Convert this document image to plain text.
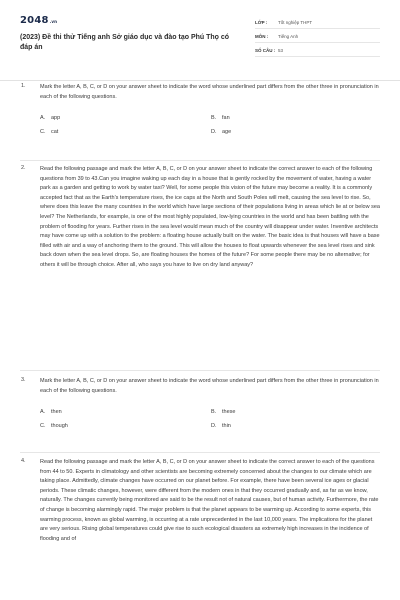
2048.vn
(2023) Đề thi thử Tiếng anh Sở giáo dục và đào tạo Phú Thọ có đáp án
LỚP :	Tốt nghiệp THPT
MÔN :	Tiếng Anh
SỐ CÂU : 53
1.	Mark the letter A, B, C, or D on your answer sheet to indicate the word whose underlined part differs from the other three in pronunciation in each of the following questions.

A.	app	B.	fan
C.	cat	D.	age
2.	Read the following passage and mark the letter A, B, C, or D on your answer sheet to indicate the correct answer to each of the following questions from 39 to 43.Can you imagine waking up each day in a house that is gently rocked by the movement of water, having a water park as a garden and getting to work by water taxi? Well, for some people this vision of the future may become a reality. It is a commonly accepted fact that as the Earth's temperature rises, the ice caps at the North and South Poles will melt, causing the sea level to rise. So, where does this leave the many countries in the world which have large sections of their populations living in areas which lie at or below sea level? The Netherlands, for example, is one of the most highly populated, low-lying countries in the world and has been battling with the problem of flooding for years. Further rises in the sea level would mean much of the country will disappear under water. Inventive architects may have come up with a solution to the problem: a floating house actually built on the water. The basic idea is that houses will have a base filled with air and a way of anchoring them to the ground. This will allow the houses to float upwards whenever the sea level rises and sink back down when the sea level drops. So, are floating houses the homes of the future? For some people there may be no alternative; for others it will be through choice. After all, who says you have to live on dry land anyway?

3.	Mark the letter A, B, C, or D on your answer sheet to indicate the word whose underlined part differs from the other three in pronunciation in each of the following questions.

A.	then	B.	these
C.	though	D.	thin
4.	Read the following passage and mark the letter A, B, C, or D on your answer sheet to indicate the correct answer to each of the questions from 44 to 50. Experts in climatology and other scientists are becoming extremely concerned about the changes to our climate which are taking place. Admittedly, climate changes have occurred on our planet before. For example, there have been several ice ages or glacial periods. These climatic changes, however, were different from the modern ones in that they occurred gradually and, as far as we know, naturally. The changes currently being monitored are said to be the result not of natural causes, but of human activity. Furthermore, the rate of change is becoming alarmingly rapid. The major problem is that the planet appears to be warming up. According to some experts, this warming process, known as global warming, is occurring at a rate unprecedented in the last 10,000 years. The implications for the planet are very serious. Rising global temperatures could give rise to such ecological disasters as extremely high increases in the incidence of flooding and of
